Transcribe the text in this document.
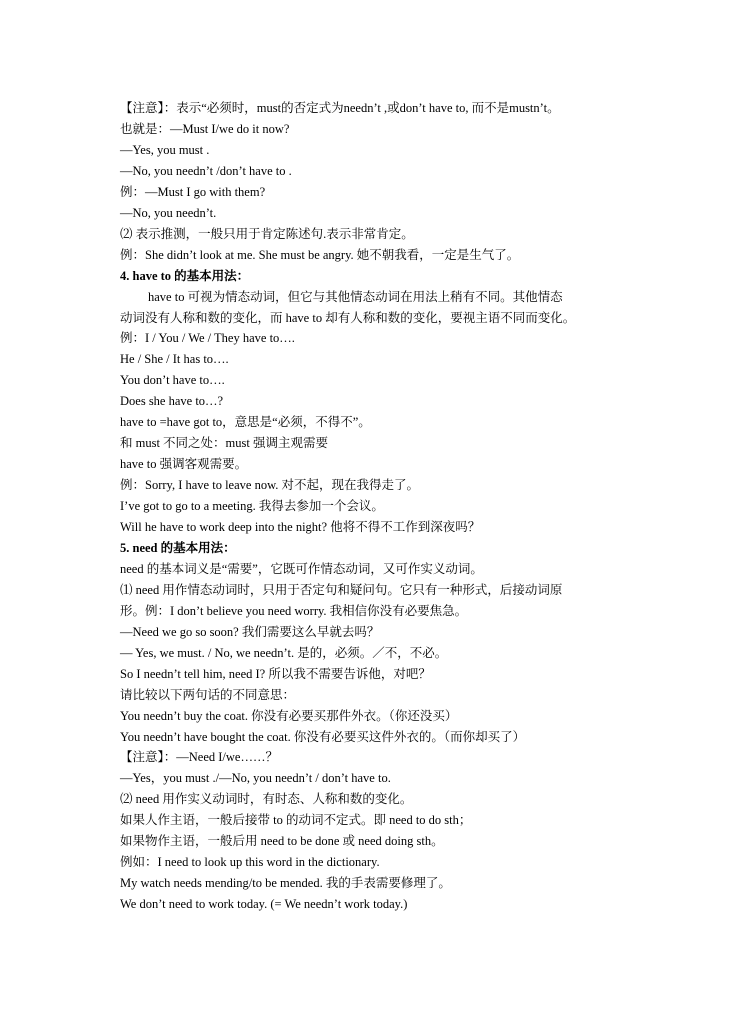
【注意】：表示“必须时，must的否定式为needn’t ,或don’t have to, 而不是mustn’t。
也就是：—Must I/we do it now?
—Yes, you must .
—No, you needn’t /don’t have to .
例：—Must I go with them?
—No, you needn’t.
⑵ 表示推测，一般只用于肯定陈述句.表示非常肯定。
例：She didn’t look at me. She must be angry. 她不朝我看，一定是生气了。
4. have to 的基本用法：
have to 可视为情态动词，但它与其他情态动词在用法上稍有不同。其他情态
动词没有人称和数的变化，而 have to 却有人称和数的变化，要视主语不同而变化。
例：I / You / We / They have to….
He / She / It has to….
You don’t have to….
Does she have to…?
have to =have got to，意思是“必须，不得不”。
和 must 不同之处：must 强调主观需要
have to 强调客观需要。
例：Sorry, I have to leave now. 对不起，现在我得走了。
I’ve got to go to a meeting. 我得去参加一个会议。
Will he have to work deep into the night? 他将不得不工作到深夜吗？
5. need 的基本用法：
need 的基本词义是“需要”，它既可作情态动词，又可作实义动词。
⑴ need 用作情态动词时，只用于否定句和疑问句。它只有一种形式，后接动词原
形。例：I don’t believe you need worry. 我相信你没有必要焦急。
—Need we go so soon? 我们需要这么早就去吗？
— Yes, we must. / No, we needn’t. 是的，必须。／不，不必。
So I needn’t tell him, need I? 所以我不需要告诉他，对吧？
请比较以下两句话的不同意思：
You needn’t buy the coat. 你没有必要买那件外衣。（你还没买）
You needn’t have bought the coat. 你没有必要买这件外衣的。（而你却买了）
【注意】：—Need I/we……？
—Yes，you must ./—No, you needn’t / don’t have to.
⑵ need 用作实义动词时，有时态、人称和数的变化。
如果人作主语，一般后接带 to 的动词不定式。即 need to do sth；
如果物作主语，一般后用 need to be done 或 need doing sth。
例如：I need to look up this word in the dictionary.
My watch needs mending/to be mended. 我的手表需要修理了。
We don’t need to work today. (= We needn’t work today.)
